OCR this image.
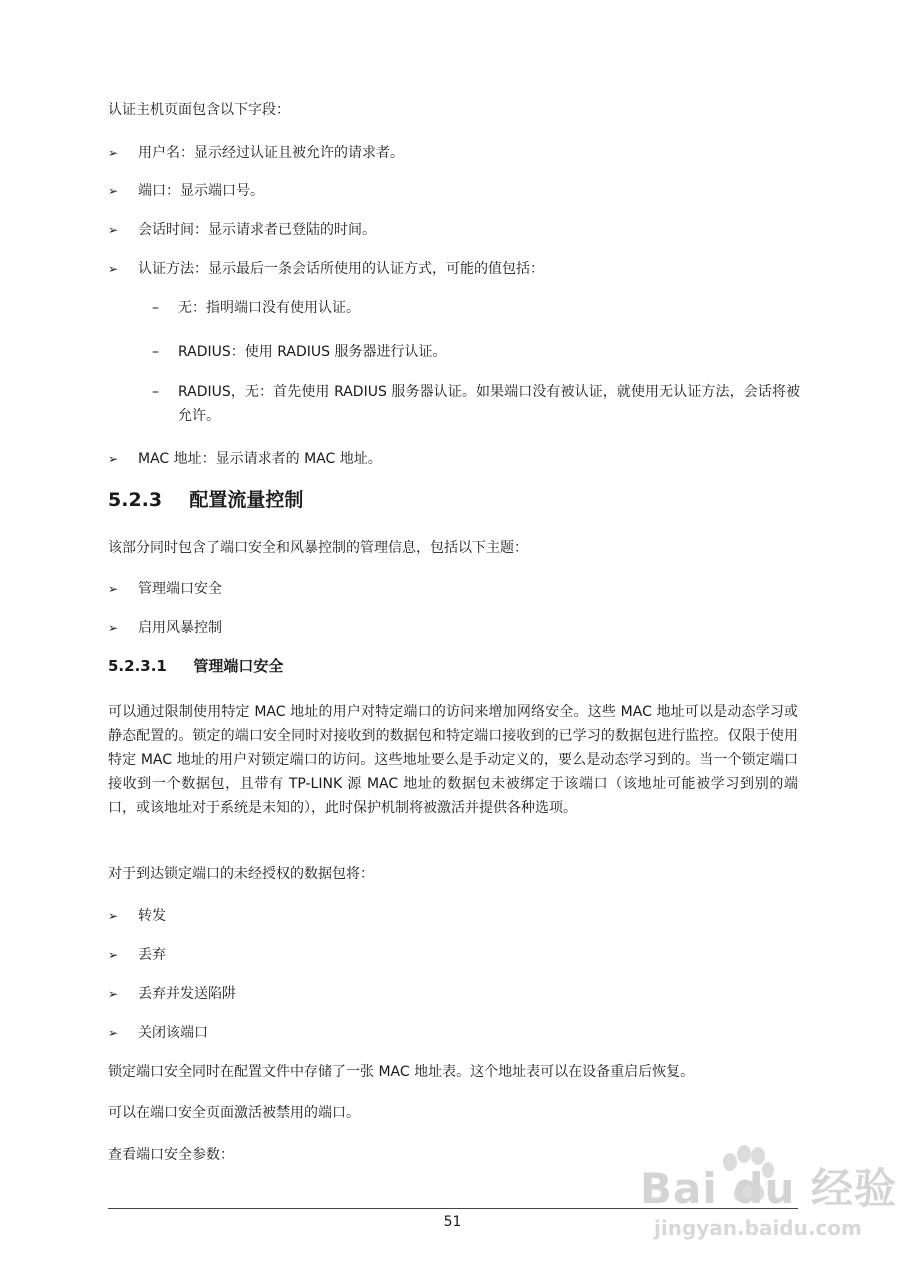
认证主机页面包含以下字段：

➢	用户名：显示经过认证且被允许的请求者。
➢	端口：显示端口号。
➢	会话时间：显示请求者已登陆的时间。
➢	认证方法：显示最后一条会话所使用的认证方式，可能的值包括：
– 无：指明端口没有使用认证。
– RADIUS：使用 RADIUS 服务器进行认证。
– RADIUS，无：首先使用 RADIUS 服务器认证。如果端口没有被认证，就使用无认证方法，会话将被允许。
➢	MAC 地址：显示请求者的 MAC 地址。
5.2.3 配置流量控制

该部分同时包含了端口安全和风暴控制的管理信息，包括以下主题：

➢	管理端口安全
➢	启用风暴控制
5.2.3.1 管理端口安全

可以通过限制使用特定 MAC 地址的用户对特定端口的访问来增加网络安全。这些 MAC 地址可以是动态学习或静态配置的。锁定的端口安全同时对接收到的数据包和特定端口接收到的已学习的数据包进行监控。仅限于使用特定 MAC 地址的用户对锁定端口的访问。这些地址要么是手动定义的，要么是动态学习到的。当一个锁定端口接收到一个数据包，且带有 TP-LINK 源 MAC 地址的数据包未被绑定于该端口（该地址可能被学习到别的端口，或该地址对于系统是未知的），此时保护机制将被激活并提供各种选项。

对于到达锁定端口的未经授权的数据包将：

➢	转发
➢	丢弃
➢	丢弃并发送陷阱
➢	关闭该端口

锁定端口安全同时在配置文件中存储了一张 MAC 地址表。这个地址表可以在设备重启后恢复。

可以在端口安全页面激活被禁用的端口。

查看端口安全参数：

51
Bai du 经验
jingyan.baidu.com
